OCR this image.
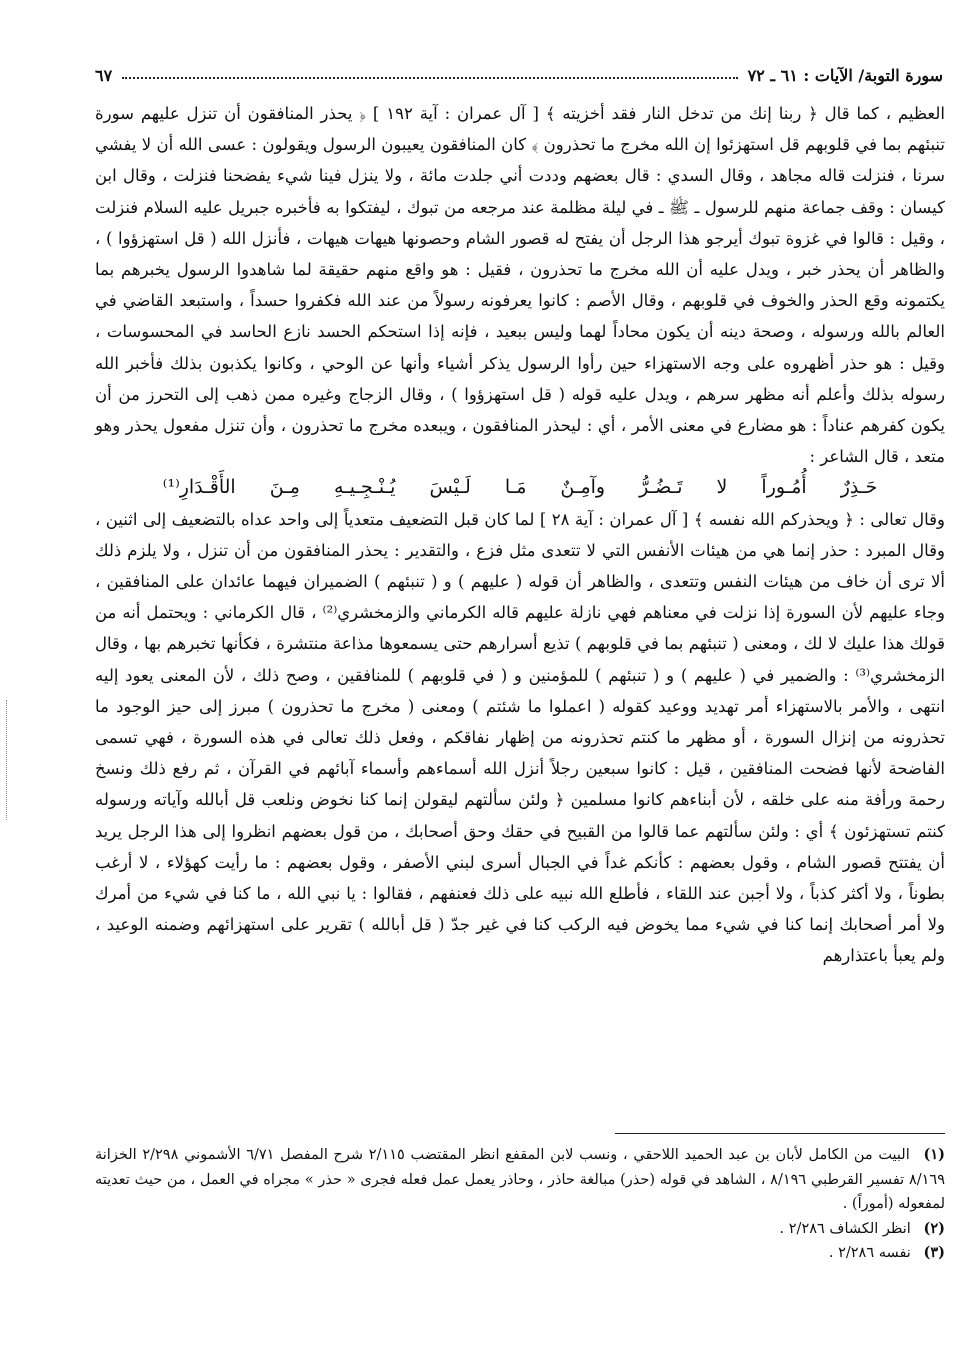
سورة التوبة/ الآيات : ٦١ ـ ٧٢
٦٧

العظيم ، كما قال ﴿ ربنا إنك من تدخل النار فقد أخزيته ﴾ [ آل عمران : آية ١٩٢ ] ﴿ يحذر المنافقون أن تنزل عليهم سورة تنبئهم بما في قلوبهم قل استهزئوا إن الله مخرج ما تحذرون ﴾ كان المنافقون يعيبون الرسول ويقولون : عسى الله أن لا يفشي سرنا ، فنزلت قاله مجاهد ، وقال السدي : قال بعضهم وددت أني جلدت مائة ، ولا ينزل فينا شيء يفضحنا فنزلت ، وقال ابن كيسان : وقف جماعة منهم للرسول ـ ﷺ ـ في ليلة مظلمة عند مرجعه من تبوك ، ليفتكوا به فأخبره جبريل عليه السلام فنزلت ، وقيل : قالوا في غزوة تبوك أيرجو هذا الرجل أن يفتح له قصور الشام وحصونها هيهات هيهات ، فأنزل الله ( قل استهزؤوا ) ، والظاهر أن يحذر خبر ، ويدل عليه أن الله مخرج ما تحذرون ، فقيل : هو واقع منهم حقيقة لما شاهدوا الرسول يخبرهم بما يكتمونه وقع الحذر والخوف في قلوبهم ، وقال الأصم : كانوا يعرفونه رسولاً من عند الله فكفروا حسداً ، واستبعد القاضي في العالم بالله ورسوله ، وصحة دينه أن يكون محاداً لهما وليس ببعيد ، فإنه إذا استحكم الحسد نازع الحاسد في المحسوسات ، وقيل : هو حذر أظهروه على وجه الاستهزاء حين رأوا الرسول يذكر أشياء وأنها عن الوحي ، وكانوا يكذبون بذلك فأخبر الله رسوله بذلك وأعلم أنه مظهر سرهم ، ويدل عليه قوله ( قل استهزؤوا ) ، وقال الزجاج وغيره ممن ذهب إلى التحرز من أن يكون كفرهم عناداً : هو مضارع في معنى الأمر ، أي : ليحذر المنافقون ، ويبعده مخرج ما تحذرون ، وأن تنزل مفعول يحذر وهو متعد ، قال الشاعر :

حَـذِرٌ أُمُـوراً لا تَـضُـرُّ وآمِـنٌ مَـا لَـيْسَ يُـنْـجِـيـهِ مِـنَ الأَقْـدَارِ⁽¹⁾

وقال تعالى : ﴿ ويحذركم الله نفسه ﴾ [ آل عمران : آية ٢٨ ] لما كان قبل التضعيف متعدياً إلى واحد عداه بالتضعيف إلى اثنين ، وقال المبرد : حذر إنما هي من هيئات الأنفس التي لا تتعدى مثل فزع ، والتقدير : يحذر المنافقون من أن تنزل ، ولا يلزم ذلك ألا ترى أن خاف من هيئات النفس وتتعدى ، والظاهر أن قوله ( عليهم ) و ( تنبئهم ) الضميران فيهما عائدان على المنافقين ، وجاء عليهم لأن السورة إذا نزلت في معناهم فهي نازلة عليهم قاله الكرماني والزمخشري⁽²⁾ ، قال الكرماني : ويحتمل أنه من قولك هذا عليك لا لك ، ومعنى ( تنبئهم بما في قلوبهم ) تذيع أسرارهم حتى يسمعوها مذاعة منتشرة ، فكأنها تخبرهم بها ، وقال الزمخشري⁽³⁾ : والضمير في ( عليهم ) و ( تنبئهم ) للمؤمنين و ( في قلوبهم ) للمنافقين ، وصح ذلك ، لأن المعنى يعود إليه انتهى ، والأمر بالاستهزاء أمر تهديد ووعيد كقوله ( اعملوا ما شئتم ) ومعنى ( مخرج ما تحذرون ) مبرز إلى حيز الوجود ما تحذرونه من إنزال السورة ، أو مظهر ما كنتم تحذرونه من إظهار نفاقكم ، وفعل ذلك تعالى في هذه السورة ، فهي تسمى الفاضحة لأنها فضحت المنافقين ، قيل : كانوا سبعين رجلاً أنزل الله أسماءهم وأسماء آبائهم في القرآن ، ثم رفع ذلك ونسخ رحمة ورأفة منه على خلقه ، لأن أبناءهم كانوا مسلمين ﴿ ولئن سألتهم ليقولن إنما كنا نخوض ونلعب قل أبالله وآياته ورسوله كنتم تستهزئون ﴾ أي : ولئن سألتهم عما قالوا من القبيح في حقك وحق أصحابك ، من قول بعضهم انظروا إلى هذا الرجل يريد أن يفتتح قصور الشام ، وقول بعضهم : كأنكم غداً في الجبال أسرى لبني الأصفر ، وقول بعضهم : ما رأيت كهؤلاء ، لا أرغب بطوناً ، ولا أكثر كذباً ، ولا أجبن عند اللقاء ، فأطلع الله نبيه على ذلك فعنفهم ، فقالوا : يا نبي الله ، ما كنا في شيء من أمرك ولا أمر أصحابك إنما كنا في شيء مما يخوض فيه الركب كنا في غير جدّ ( قل أبالله ) تقرير على استهزائهم وضمنه الوعيد ، ولم يعبأ باعتذارهم

(١) البيت من الكامل لأبان بن عبد الحميد اللاحقي ، ونسب لابن المقفع انظر المقتضب ٢/١١٥ شرح المفصل ٦/٧١ الأشموني ٢/٢٩٨ الخزانة ٨/١٦٩ تفسير القرطبي ٨/١٩٦ ، الشاهد في قوله (حذر) مبالغة حاذر ، وحاذر يعمل عمل فعله فجرى « حذر » مجراه في العمل ، من حيث تعديته لمفعوله (أموراً) .

(٢) انظر الكشاف ٢/٢٨٦ .

(٣) نفسه ٢/٢٨٦ .
